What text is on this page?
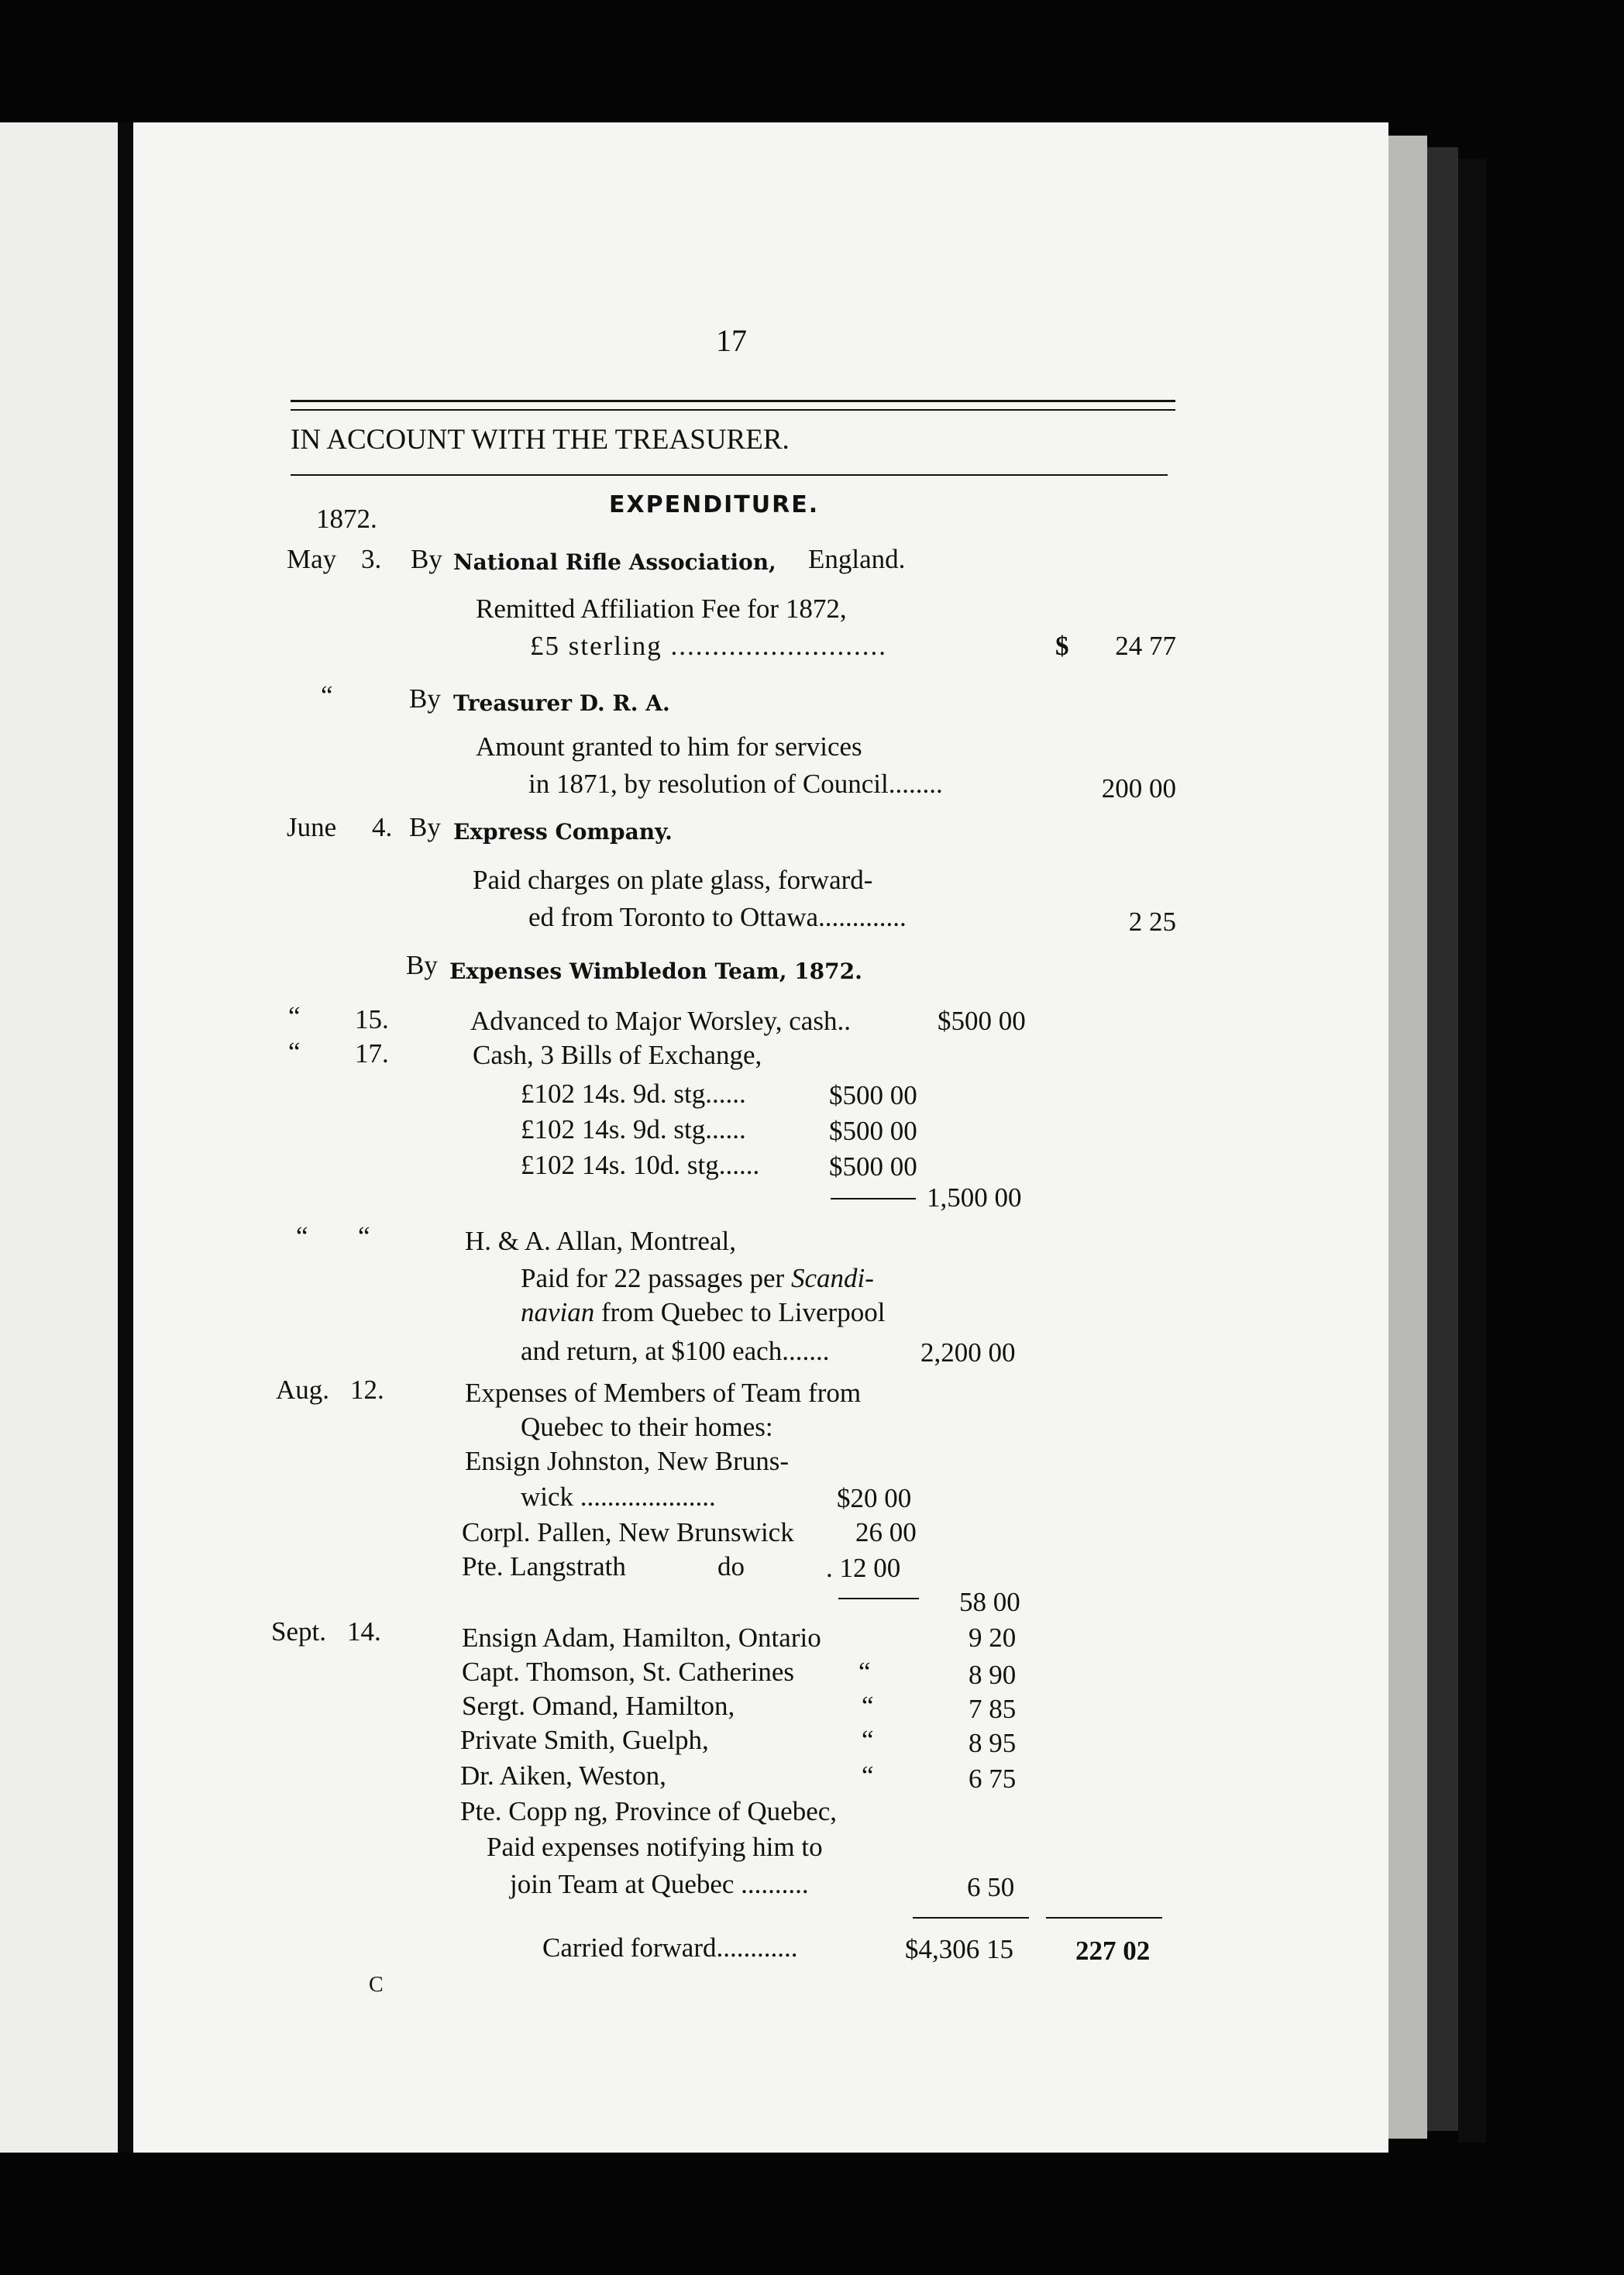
17
IN ACCOUNT WITH THE TREASURER.
EXPENDITURE.
1872.
May 3. By National Rifle Association, England.
Remitted Affiliation Fee for 1872,
£5 sterling ..........................	$	24 77
“	By Treasurer D. R. A.
Amount granted to him for services
in 1871, by resolution of Council........	200 00
June 4. By Express Company.
Paid charges on plate glass, forward-
ed from Toronto to Ottawa.............	2 25
By Expenses Wimbledon Team, 1872.
“ 15.	Advanced to Major Worsley, cash..	$500 00
“ 17.	Cash, 3 Bills of Exchange,
£102 14s. 9d. stg......	$500 00
£102 14s. 9d. stg......	$500 00
£102 14s. 10d. stg......	$500 00
1,500 00
“ “	H. & A. Allan, Montreal,
Paid for 22 passages per Scandi-
navian from Quebec to Liverpool
and return, at $100 each.......	2,200 00
Aug. 12.	Expenses of Members of Team from
Quebec to their homes:
Ensign Johnston, New Bruns-
wick ....................	$20 00
Corpl. Pallen, New Brunswick 26 00
Pte. Langstrath	do	. 12 00
58 00
Sept. 14.	Ensign Adam, Hamilton, Ontario	9 20
Capt. Thomson, St. Catherines “	8 90
Sergt. Omand, Hamilton,	“	7 85
Private Smith, Guelph,	“	8 95
Dr. Aiken, Weston,	“	6 75
Pte. Copp ng, Province of Quebec,
Paid expenses notifying him to
join Team at Quebec ..........	6 50
Carried forward............	$4,306 15 227 02
C
